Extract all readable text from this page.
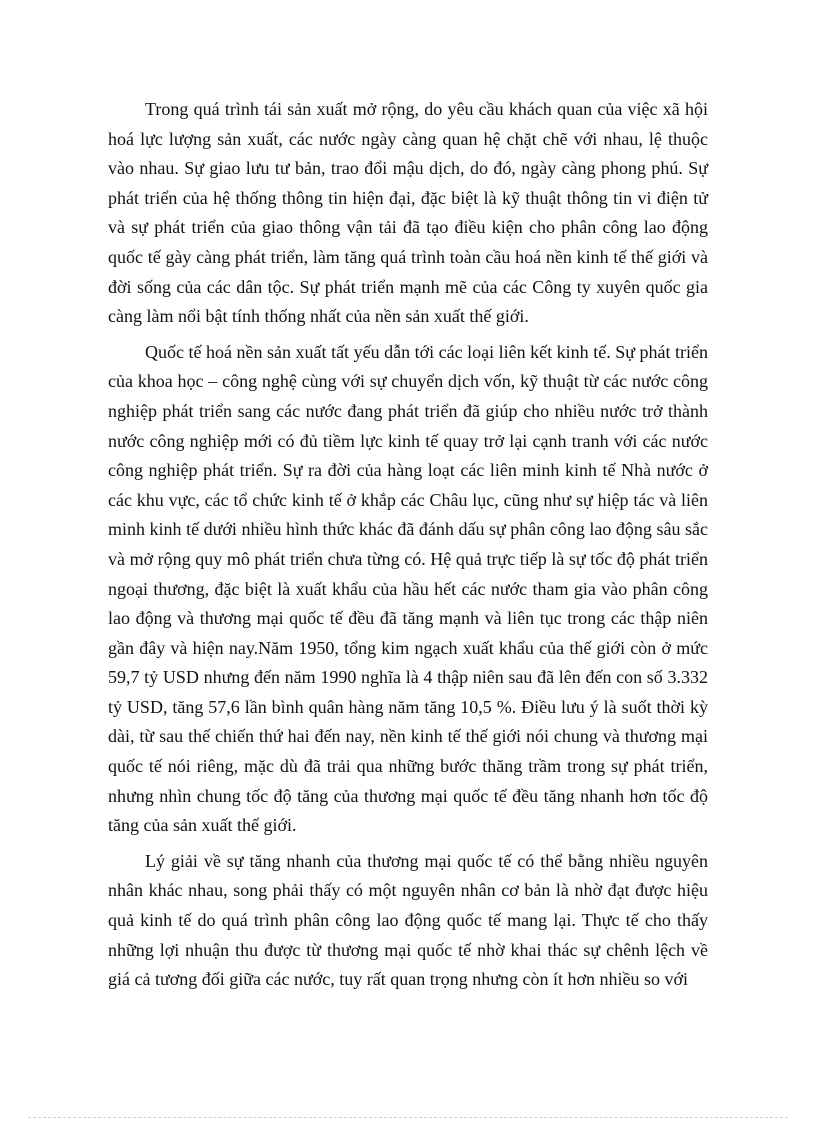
Trong quá trình tái sản xuất mở rộng, do yêu cầu khách quan của việc xã hội hoá lực lượng sản xuất, các nước ngày càng quan hệ chặt chẽ với nhau, lệ thuộc vào nhau. Sự giao lưu tư bản, trao đổi mậu dịch, do đó, ngày càng phong phú. Sự phát triển của hệ thống thông tin hiện đại, đặc biệt là kỹ thuật thông tin vi điện tử và sự phát triển của giao thông vận tải đã tạo điều kiện cho phân công lao động quốc tế gày càng phát triển, làm tăng quá trình toàn cầu hoá nền kinh tế thế giới và đời sống của các dân tộc. Sự phát triển mạnh mẽ của các Công ty xuyên quốc gia càng làm nổi bật tính thống nhất của nền sản xuất thế giới.

Quốc tế hoá nền sản xuất tất yếu dẫn tới các loại liên kết kinh tế. Sự phát triển của khoa học – công nghệ cùng với sự chuyển dịch vốn, kỹ thuật từ các nước công nghiệp phát triển sang các nước đang phát triển đã giúp cho nhiều nước trở thành nước công nghiệp mới có đủ tiềm lực kinh tế quay trở lại cạnh tranh với các nước công nghiệp phát triển. Sự ra đời của hàng loạt các liên minh kinh tế Nhà nước ở các khu vực, các tổ chức kinh tế ở khắp các Châu lục, cũng như sự hiệp tác và liên minh kinh tế dưới nhiều hình thức khác đã đánh dấu sự phân công lao động sâu sắc và mở rộng quy mô phát triển chưa từng có. Hệ quả trực tiếp là sự tốc độ phát triển ngoại thương, đặc biệt là xuất khẩu của hầu hết các nước tham gia vào phân công lao động và thương mại quốc tế đều đã tăng mạnh và liên tục trong các thập niên gần đây và hiện nay.Năm 1950, tổng kim ngạch xuất khẩu của thế giới còn ở mức 59,7 tỷ USD nhưng đến năm 1990 nghĩa là 4 thập niên sau đã lên đến con số 3.332 tỷ USD, tăng 57,6 lần bình quân hàng năm tăng 10,5 %. Điều lưu ý là suốt thời kỳ dài, từ sau thế chiến thứ hai đến nay, nền kinh tế thế giới nói chung và thương mại quốc tế nói riêng, mặc dù đã trải qua những bước thăng trầm trong sự phát triển, nhưng nhìn chung tốc độ tăng của thương mại quốc tế đều tăng nhanh hơn tốc độ tăng của sản xuất thế giới.

Lý giải về sự tăng nhanh của thương mại quốc tế có thể bằng nhiều nguyên nhân khác nhau, song phải thấy có một nguyên nhân cơ bản là nhờ đạt được hiệu quả kinh tế do quá trình phân công lao động quốc tế mang lại. Thực tế cho thấy những lợi nhuận thu được từ thương mại quốc tế nhờ khai thác sự chênh lệch về giá cả tương đối giữa các nước, tuy rất quan trọng nhưng còn ít hơn nhiều so với
